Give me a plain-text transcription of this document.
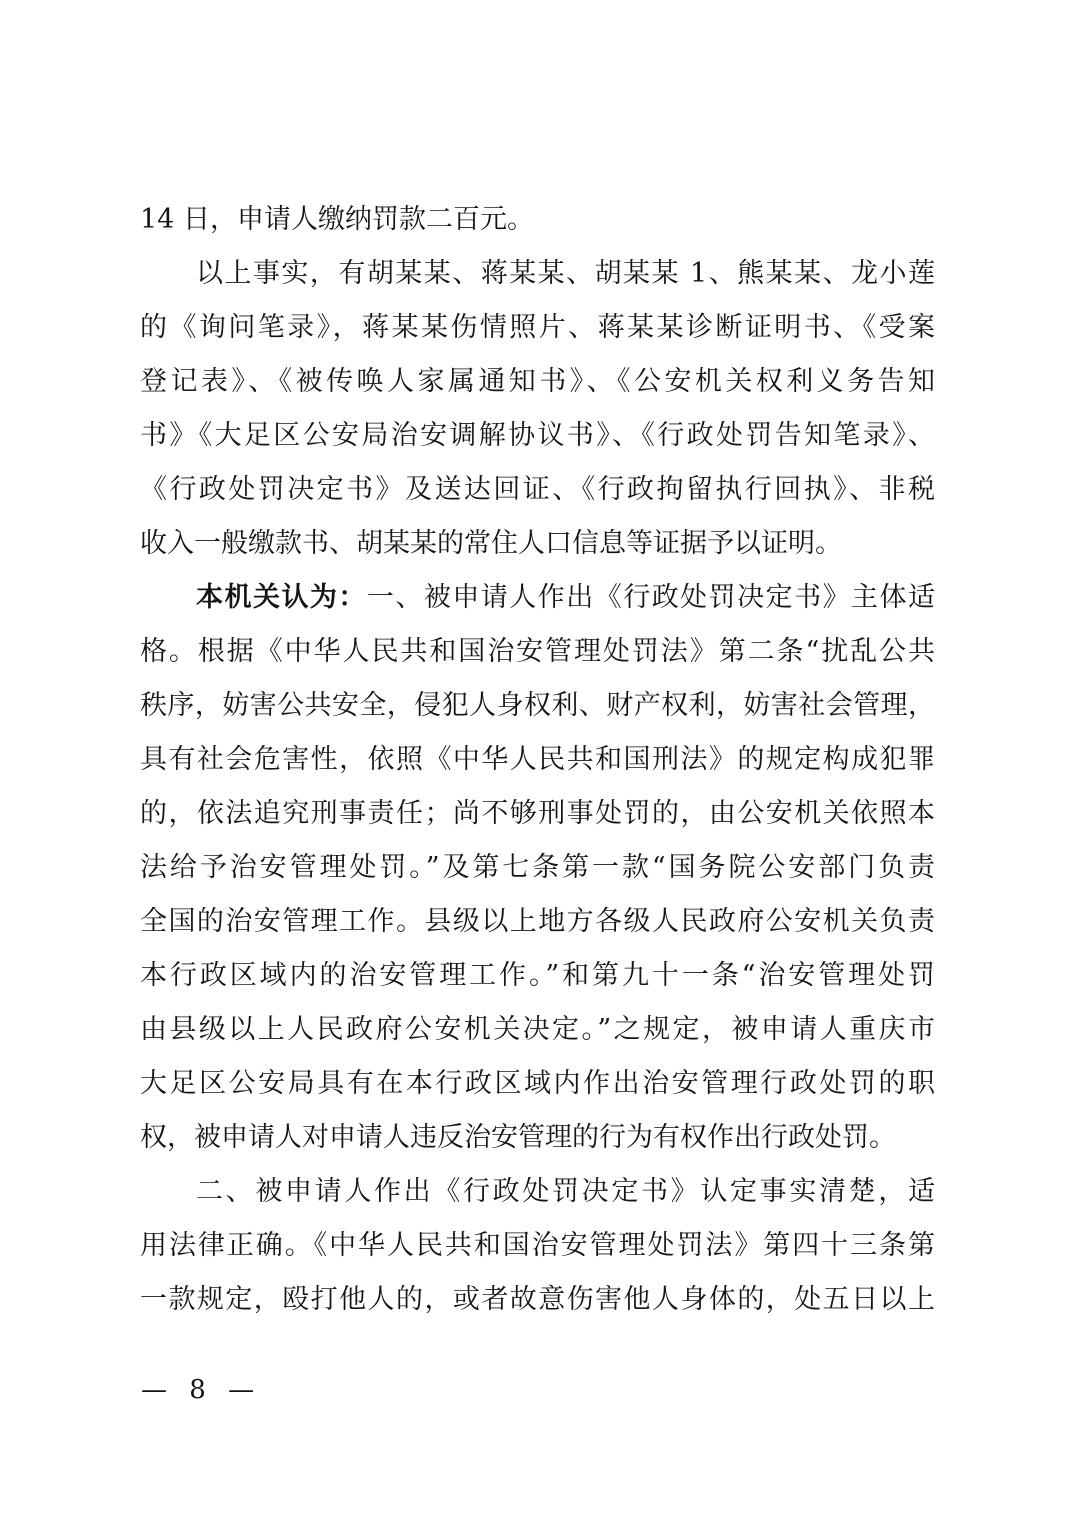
14 日，申请人缴纳罚款二百元。
以上事实，有胡某某、蒋某某、胡某某 1、熊某某、龙小莲
的《询问笔录》，蒋某某伤情照片、蒋某某诊断证明书、《受案
登记表》、《被传唤人家属通知书》、《公安机关权利义务告知
书》《大足区公安局治安调解协议书》、《行政处罚告知笔录》、
《行政处罚决定书》及送达回证、《行政拘留执行回执》、非税
收入一般缴款书、胡某某的常住人口信息等证据予以证明。
本机关认为：一、被申请人作出《行政处罚决定书》主体适
格。根据《中华人民共和国治安管理处罚法》第二条“扰乱公共
秩序，妨害公共安全，侵犯人身权利、财产权利，妨害社会管理，
具有社会危害性，依照《中华人民共和国刑法》的规定构成犯罪
的，依法追究刑事责任；尚不够刑事处罚的，由公安机关依照本
法给予治安管理处罚。”及第七条第一款“国务院公安部门负责
全国的治安管理工作。县级以上地方各级人民政府公安机关负责
本行政区域内的治安管理工作。”和第九十一条“治安管理处罚
由县级以上人民政府公安机关决定。”之规定，被申请人重庆市
大足区公安局具有在本行政区域内作出治安管理行政处罚的职
权，被申请人对申请人违反治安管理的行为有权作出行政处罚。
二、被申请人作出《行政处罚决定书》认定事实清楚，适
用法律正确。《中华人民共和国治安管理处罚法》第四十三条第
一款规定，殴打他人的，或者故意伤害他人身体的，处五日以上
— 8 —
